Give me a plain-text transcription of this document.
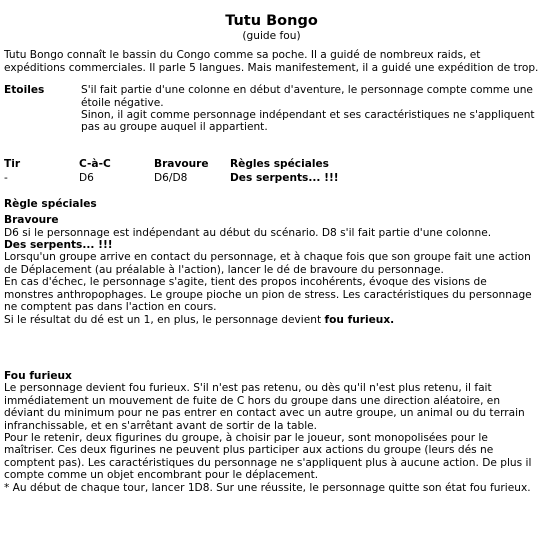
Tutu Bongo

(guide fou)

Tutu Bongo connaît le bassin du Congo comme sa poche. Il a guidé de nombreux raids, et expéditions commerciales. Il parle 5 langues. Mais manifestement, il a guidé une expédition de trop.

Etoiles	S'il fait partie d'une colonne en début d'aventure, le personnage compte comme une étoile négative.

Sinon, il agit comme personnage indépendant et ses caractéristiques ne s'appliquent pas au groupe auquel il appartient.

Tir	C-à-C	Bravoure	Règles spéciales
-	D6	D6/D8	Des serpents... !!!

Règle spéciales

Bravoure

D6 si le personnage est indépendant au début du scénario. D8 s'il fait partie d'une colonne.

Des serpents... !!!

Lorsqu'un groupe arrive en contact du personnage, et à chaque fois que son groupe fait une action de Déplacement (au préalable à l'action), lancer le dé de bravoure du personnage.

En cas d'échec, le personnage s'agite, tient des propos incohérents, évoque des visions de monstres anthropophages. Le groupe pioche un pion de stress. Les caractéristiques du personnage ne comptent pas dans l'action en cours.

Si le résultat du dé est un 1, en plus, le personnage devient fou furieux.

Fou furieux

Le personnage devient fou furieux. S'il n'est pas retenu, ou dès qu'il n'est plus retenu, il fait immédiatement un mouvement de fuite de C hors du groupe dans une direction aléatoire, en déviant du minimum pour ne pas entrer en contact avec un autre groupe, un animal ou du terrain infranchissable, et en s'arrêtant avant de sortir de la table.

Pour le retenir, deux figurines du groupe, à choisir par le joueur, sont monopolisées pour le maîtriser. Ces deux figurines ne peuvent plus participer aux actions du groupe (leurs dés ne comptent pas). Les caractéristiques du personnage ne s'appliquent plus à aucune action. De plus il compte comme un objet encombrant pour le déplacement.

* Au début de chaque tour, lancer 1D8. Sur une réussite, le personnage quitte son état fou furieux.
